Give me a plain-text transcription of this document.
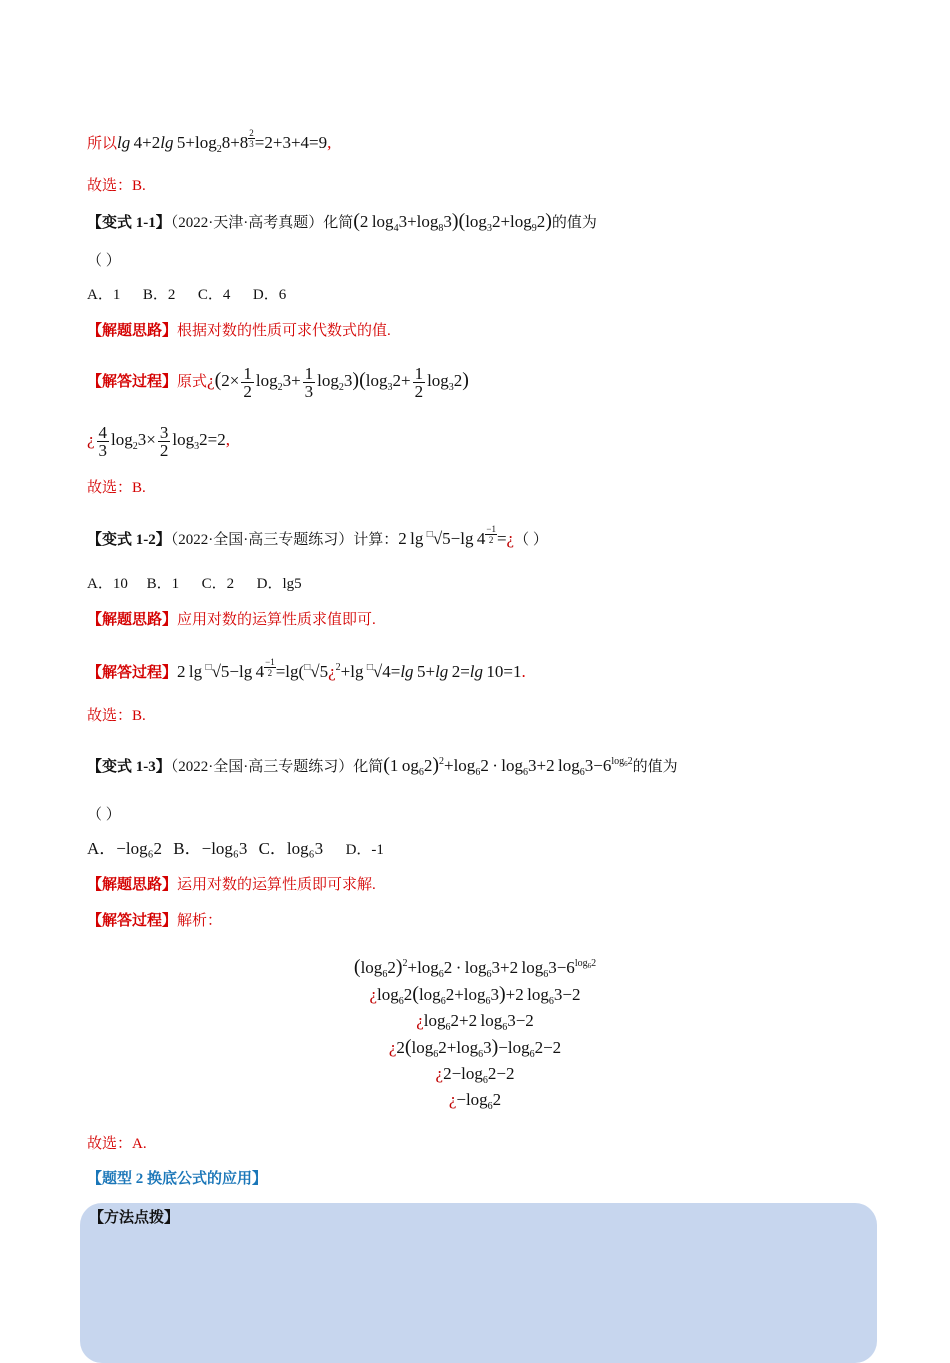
所以lg 4+2lg $5+\log_28+8 \frac{2}{3} =2+3+4=9$,
故选：B.
【变式 1-1】（2022·天津·高考真题）化简(2 $\log_43+\log_83)(\log_32+\log_92)$的值为
（ ）
A．1 B．2 C．4 D．6
【解题思路】根据对数的性质可求代数式的值.
【解答过程】原式¿$(2\times \frac{1}{2} \log_23+ \frac{1}{3} \log_23)(\log_32+ \frac{1}{2} \log_32)$
¿ $\frac{4}{3} \log_23\times \frac{3}{2} \log_32=2$,
故选：B.
【变式 1-2】（2022·全国·高三专题练习）计算：2 lg □√5−lg $4 \frac{-1}{2}$ =¿（ ）
A．10 B．1 C．2 D．lg5
【解题思路】应用对数的运算性质求值即可.
【解答过程】2 lg □√5−lg $4 \frac{-1}{2}$ =lg(□√5¿$^2$+lg □√4=lg 5+lg 2=lg 10=1.
故选：B.
【变式 1-3】（2022·全国·高三专题练习）化简(1 $og_62)^2+\log_62 \cdot \log_63+2$ $\log_63-6^{log_62}$的值为
（ ）
A．−log₆2 B．−log₆3 C．log₆3 D．-1
【解题思路】运用对数的运算性质即可求解.
【解答过程】解析：
$(\log_62)^2+\log_62 \cdot \log_63+2$ $\log_63-6^{log_62}$
¿$\log_62(\log_62+\log_63)+2$ $\log_63-2$
¿$\log_62+2$ $\log_63-2$
¿$2(\log_62+\log_63)-\log_62-2$
¿$2-\log_62-2$
¿$-\log_62$
故选：A.
【题型 2 换底公式的应用】
【方法点拨】
